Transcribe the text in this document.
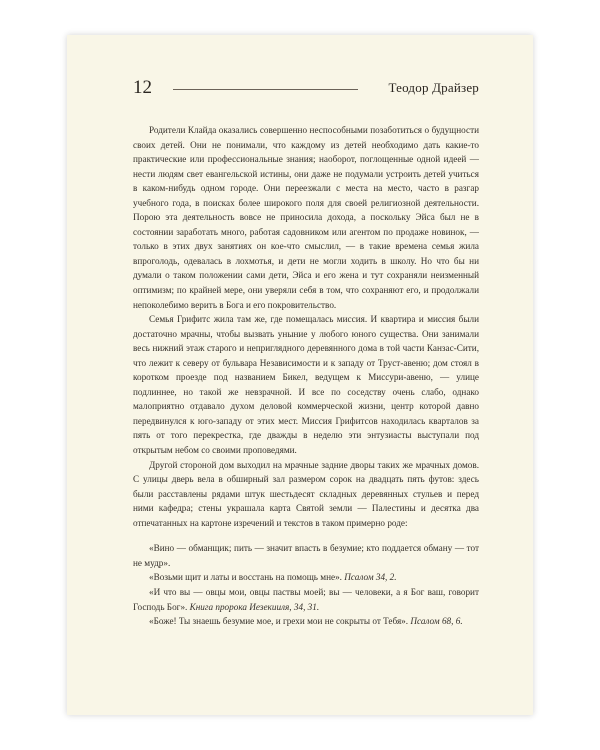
12	Теодор Драйзер

Родители Клайда оказались совершенно неспособными позаботиться о будущности своих детей. Они не понимали, что каждому из детей необходимо дать какие-то практические или профессиональные знания; наоборот, поглощенные одной идеей — нести людям свет евангельской истины, они даже не подумали устроить детей учиться в каком-нибудь одном городе. Они переезжали с места на место, часто в разгар учебного года, в поисках более широкого поля для своей религиозной деятельности. Порою эта деятельность вовсе не приносила дохода, а поскольку Эйса был не в состоянии заработать много, работая садовником или агентом по продаже новинок, — только в этих двух занятиях он кое-что смыслил, — в такие времена семья жила впроголодь, одевалась в лохмотья, и дети не могли ходить в школу. Но что бы ни думали о таком положении сами дети, Эйса и его жена и тут сохраняли неизменный оптимизм; по крайней мере, они уверяли себя в том, что сохраняют его, и продолжали непоколебимо верить в Бога и его покровительство.

Семья Грифитс жила там же, где помещалась миссия. И квартира и миссия были достаточно мрачны, чтобы вызвать уныние у любого юного существа. Они занимали весь нижний этаж старого и неприглядного деревянного дома в той части Канзас-Сити, что лежит к северу от бульвара Независимости и к западу от Труст-авеню; дом стоял в коротком проезде под названием Бикел, ведущем к Миссури-авеню, — улице подлиннее, но такой же невзрачной. И все по соседству очень слабо, однако малоприятно отдавало духом деловой коммерческой жизни, центр которой давно передвинулся к юго-западу от этих мест. Миссия Грифитсов находилась кварталов за пять от того перекрестка, где дважды в неделю эти энтузиасты выступали под открытым небом со своими проповедями.

Другой стороной дом выходил на мрачные задние дворы таких же мрачных домов. С улицы дверь вела в обширный зал размером сорок на двадцать пять футов: здесь были расставлены рядами штук шестьдесят складных деревянных стульев и перед ними кафедра; стены украшала карта Святой земли — Палестины и десятка два отпечатанных на картоне изречений и текстов в таком примерно роде:

«Вино — обманщик; пить — значит впасть в безумие; кто поддается обману — тот не мудр».

«Возьми щит и латы и восстань на помощь мне». Псалом 34, 2.

«И что вы — овцы мои, овцы паствы моей; вы — человеки, а я Бог ваш, говорит Господь Бог». Книга пророка Иезекииля, 34, 31.

«Боже! Ты знаешь безумие мое, и грехи мои не сокрыты от Тебя». Псалом 68, 6.
